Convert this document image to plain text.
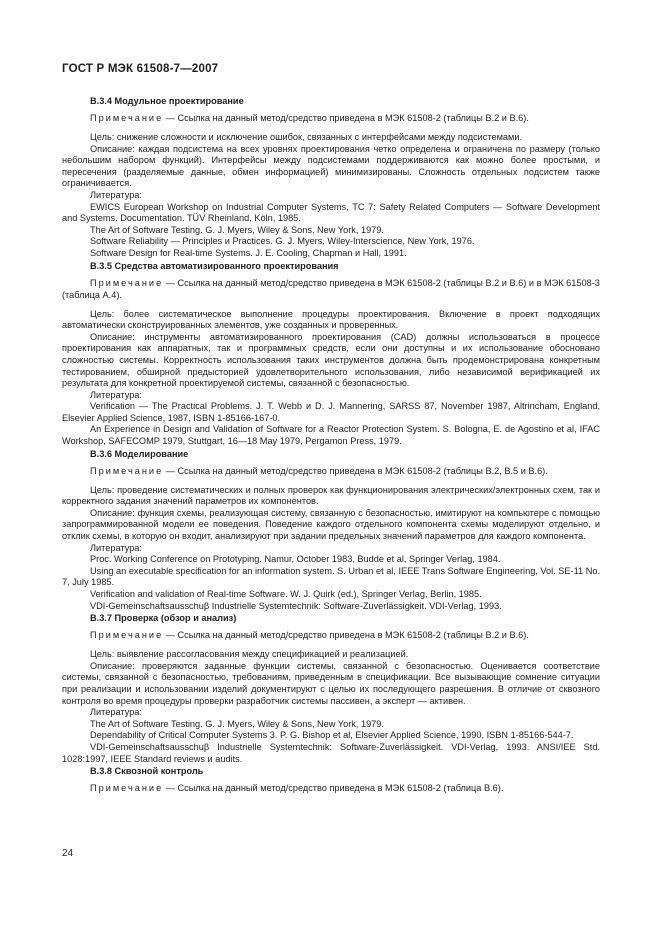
ГОСТ Р МЭК 61508-7—2007
B.3.4 Модульное проектирование
Примечание — Ссылка на данный метод/средство приведена в МЭК 61508-2 (таблицы B.2 и B.6).

Цель: снижение сложности и исключение ошибок, связанных с интерфейсами между подсистемами.

Описание: каждая подсистема на всех уровнях проектирования четко определена и ограничена по размеру (только небольшим набором функций). Интерфейсы между подсистемами поддерживаются как можно более простыми, и пересечения (разделяемые данные, обмен информацией) минимизированы. Сложность отдельных подсистем также ограничивается.

Литература:

EWICS European Workshop on Industrial Computer Systems, TC 7: Safety Related Computers — Software Development and Systems. Documentation. TÜV Rheinland, Köln, 1985.

The Art of Software Testing. G. J. Myers, Wiley & Sons, New York, 1979.

Software Reliability — Principles и Practices. G. J. Myers, Wiley-Interscience, New York, 1976.

Software Design for Real-time Systems. J. E. Cooling, Chapman и Hall, 1991.

B.3.5 Средства автоматизированного проектирования
Примечание — Ссылка на данный метод/средство приведена в МЭК 61508-2 (таблицы B.2 и B.6) и в МЭК 61508-3 (таблица А.4).

Цель: более систематическое выполнение процедуры проектирования. Включение в проект подходящих автоматически сконструированных элементов, уже созданных и проверенных.

Описание: инструменты автоматизированного проектирования (CAD) должны использоваться в процессе проектирования как аппаратных, так и программных средств, если они доступны и их использование обосновано сложностью системы. Корректность использования таких инструментов должна быть продемонстрирована конкретным тестированием, обширной предысторией удовлетворительного использования, либо независимой верификацией их результата для конкретной проектируемой системы, связанной с безопасностью.

Литература:

Verification — The Practical Problems. J. T. Webb и D. J. Mannering, SARSS 87, November 1987, Altrincham, England, Elsevier Applied Science, 1987, ISBN 1-85166-167-0.

An Experience in Design and Validation of Software for a Reactor Protection System. S. Bologna, E. de Agostino et al, IFAC Workshop, SAFECOMP 1979, Stuttgart, 16—18 May 1979, Pergamon Press, 1979.

B.3.6 Моделирование
Примечание — Ссылка на данный метод/средство приведена в МЭК 61508-2 (таблицы B.2, B.5 и B.6).

Цель: проведение систематических и полных проверок как функционирования электрических/электронных схем, так и корректного задания значений параметров их компонентов.

Описание: функция схемы, реализующая систему, связанную с безопасностью, имитируют на компьютере с помощью запрограммированной модели ее поведения. Поведение каждого отдельного компонента схемы моделируют отдельно, и отклик схемы, в которую он входит, анализируют при задании предельных значений параметров для каждого компонента.

Литература:

Proc. Working Conference on Prototyping. Namur, October 1983, Budde et al, Springer Verlag, 1984.

Using an executable specification for an information system. S. Urban et al, IEEE Trans Software Engineering, Vol. SE-11 No. 7, July 1985.

Verification and validation of Real-time Software. W. J. Quirk (ed.), Springer Verlag, Berlin, 1985.

VDI-Gemeinschaftsausschuβ Industrielle Systemtechnik: Software-Zuverlässigkeit. VDI-Verlag, 1993.

B.3.7 Проверка (обзор и анализ)
Примечание — Ссылка на данный метод/средство приведена в МЭК 61508-2 (таблицы B.2 и B.6).

Цель: выявление рассогласования между спецификацией и реализацией.

Описание: проверяются заданные функции системы, связанной с безопасностью. Оценивается соответствие системы, связанной с безопасностью, требованиям, приведенным в спецификации. Все вызывающие сомнение ситуации при реализации и использовании изделий документируют с целью их последующего разрешения. В отличие от сквозного контроля во время процедуры проверки разработчик системы пассивен, а эксперт — активен.

Литература:

The Art of Software Testing. G. J. Myers, Wiley & Sons, New York, 1979.

Dependability of Critical Computer Systems 3. P. G. Bishop et al, Elsevier Applied Science, 1990, ISBN 1-85166-544-7.

VDI-Gemeinschaftsausschuβ Industrielle Systemtechnik: Software-Zuverlässigkeit. VDI-Verlag, 1993. ANSI/IEE Std. 1028:1997, IEEE Standard reviews и audits.

B.3.8 Сквозной контроль
Примечание — Ссылка на данный метод/средство приведена в МЭК 61508-2 (таблица B.6).
24
